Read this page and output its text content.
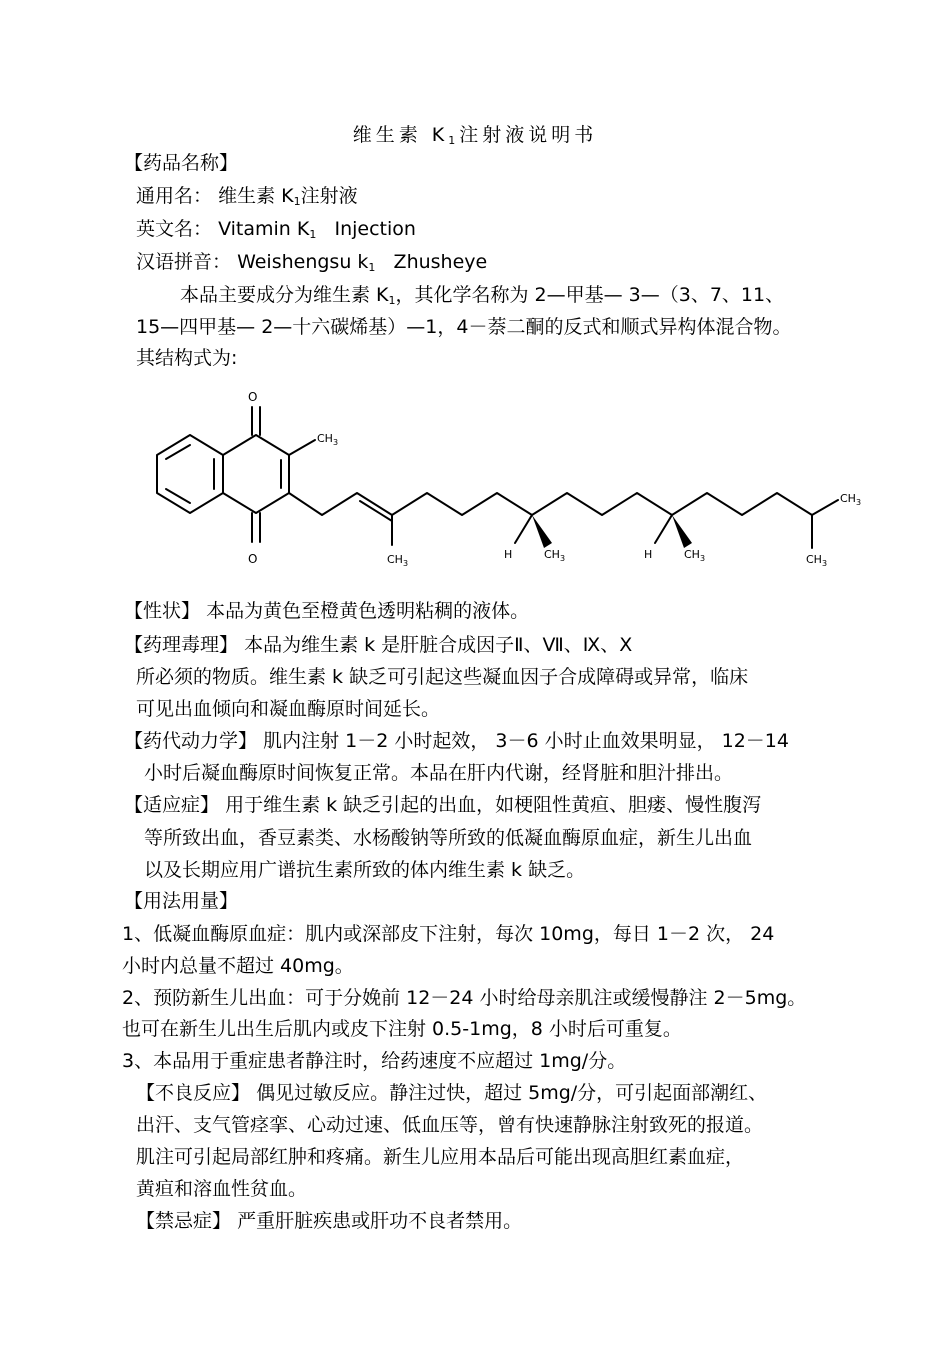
维生素 $K_1$注射液说明书
【药品名称】
通用名： 维生素 $K_1$注射液
英文名： Vitamin $K_1$ Injection
汉语拼音： Weishengsu $k_1$ Zhusheye
本品主要成分为维生素 $K_1$，其化学名称为 2—甲基— 3—（3、7、11、
15—四甲基— 2—十六碳烯基）—1，4－萘二酮的反式和顺式异构体混合物。
其结构式为:
O
O
$CH_3$
$CH_3$
H	$CH_3$	H	$CH_3$
$CH_3$
$CH_3$
【性状】 本品为黄色至橙黄色透明粘稠的液体。
【药理毒理】 本品为维生素 k 是肝脏合成因子Ⅱ、Ⅶ、Ⅸ、Ⅹ
所必须的物质。维生素 k 缺乏可引起这些凝血因子合成障碍或异常，临床
可见出血倾向和凝血酶原时间延长。
【药代动力学】 肌内注射 1－2 小时起效， 3－6 小时止血效果明显， 12－14
小时后凝血酶原时间恢复正常。本品在肝内代谢，经肾脏和胆汁排出。
【适应症】 用于维生素 k 缺乏引起的出血，如梗阻性黄疸、胆瘘、慢性腹泻
等所致出血，香豆素类、水杨酸钠等所致的低凝血酶原血症，新生儿出血
以及长期应用广谱抗生素所致的体内维生素 k 缺乏。
【用法用量】
1、低凝血酶原血症：肌内或深部皮下注射，每次 10mg，每日 1－2 次， 24
小时内总量不超过 40mg。
2、预防新生儿出血：可于分娩前 12－24 小时给母亲肌注或缓慢静注 2－5mg。
也可在新生儿出生后肌内或皮下注射 0.5-1mg，8 小时后可重复。
3、本品用于重症患者静注时，给药速度不应超过 1mg/分。
【不良反应】 偶见过敏反应。静注过快，超过 5mg/分，可引起面部潮红、
出汗、支气管痉挛、心动过速、低血压等，曾有快速静脉注射致死的报道。
肌注可引起局部红肿和疼痛。新生儿应用本品后可能出现高胆红素血症，
黄疸和溶血性贫血。
【禁忌症】 严重肝脏疾患或肝功不良者禁用。
